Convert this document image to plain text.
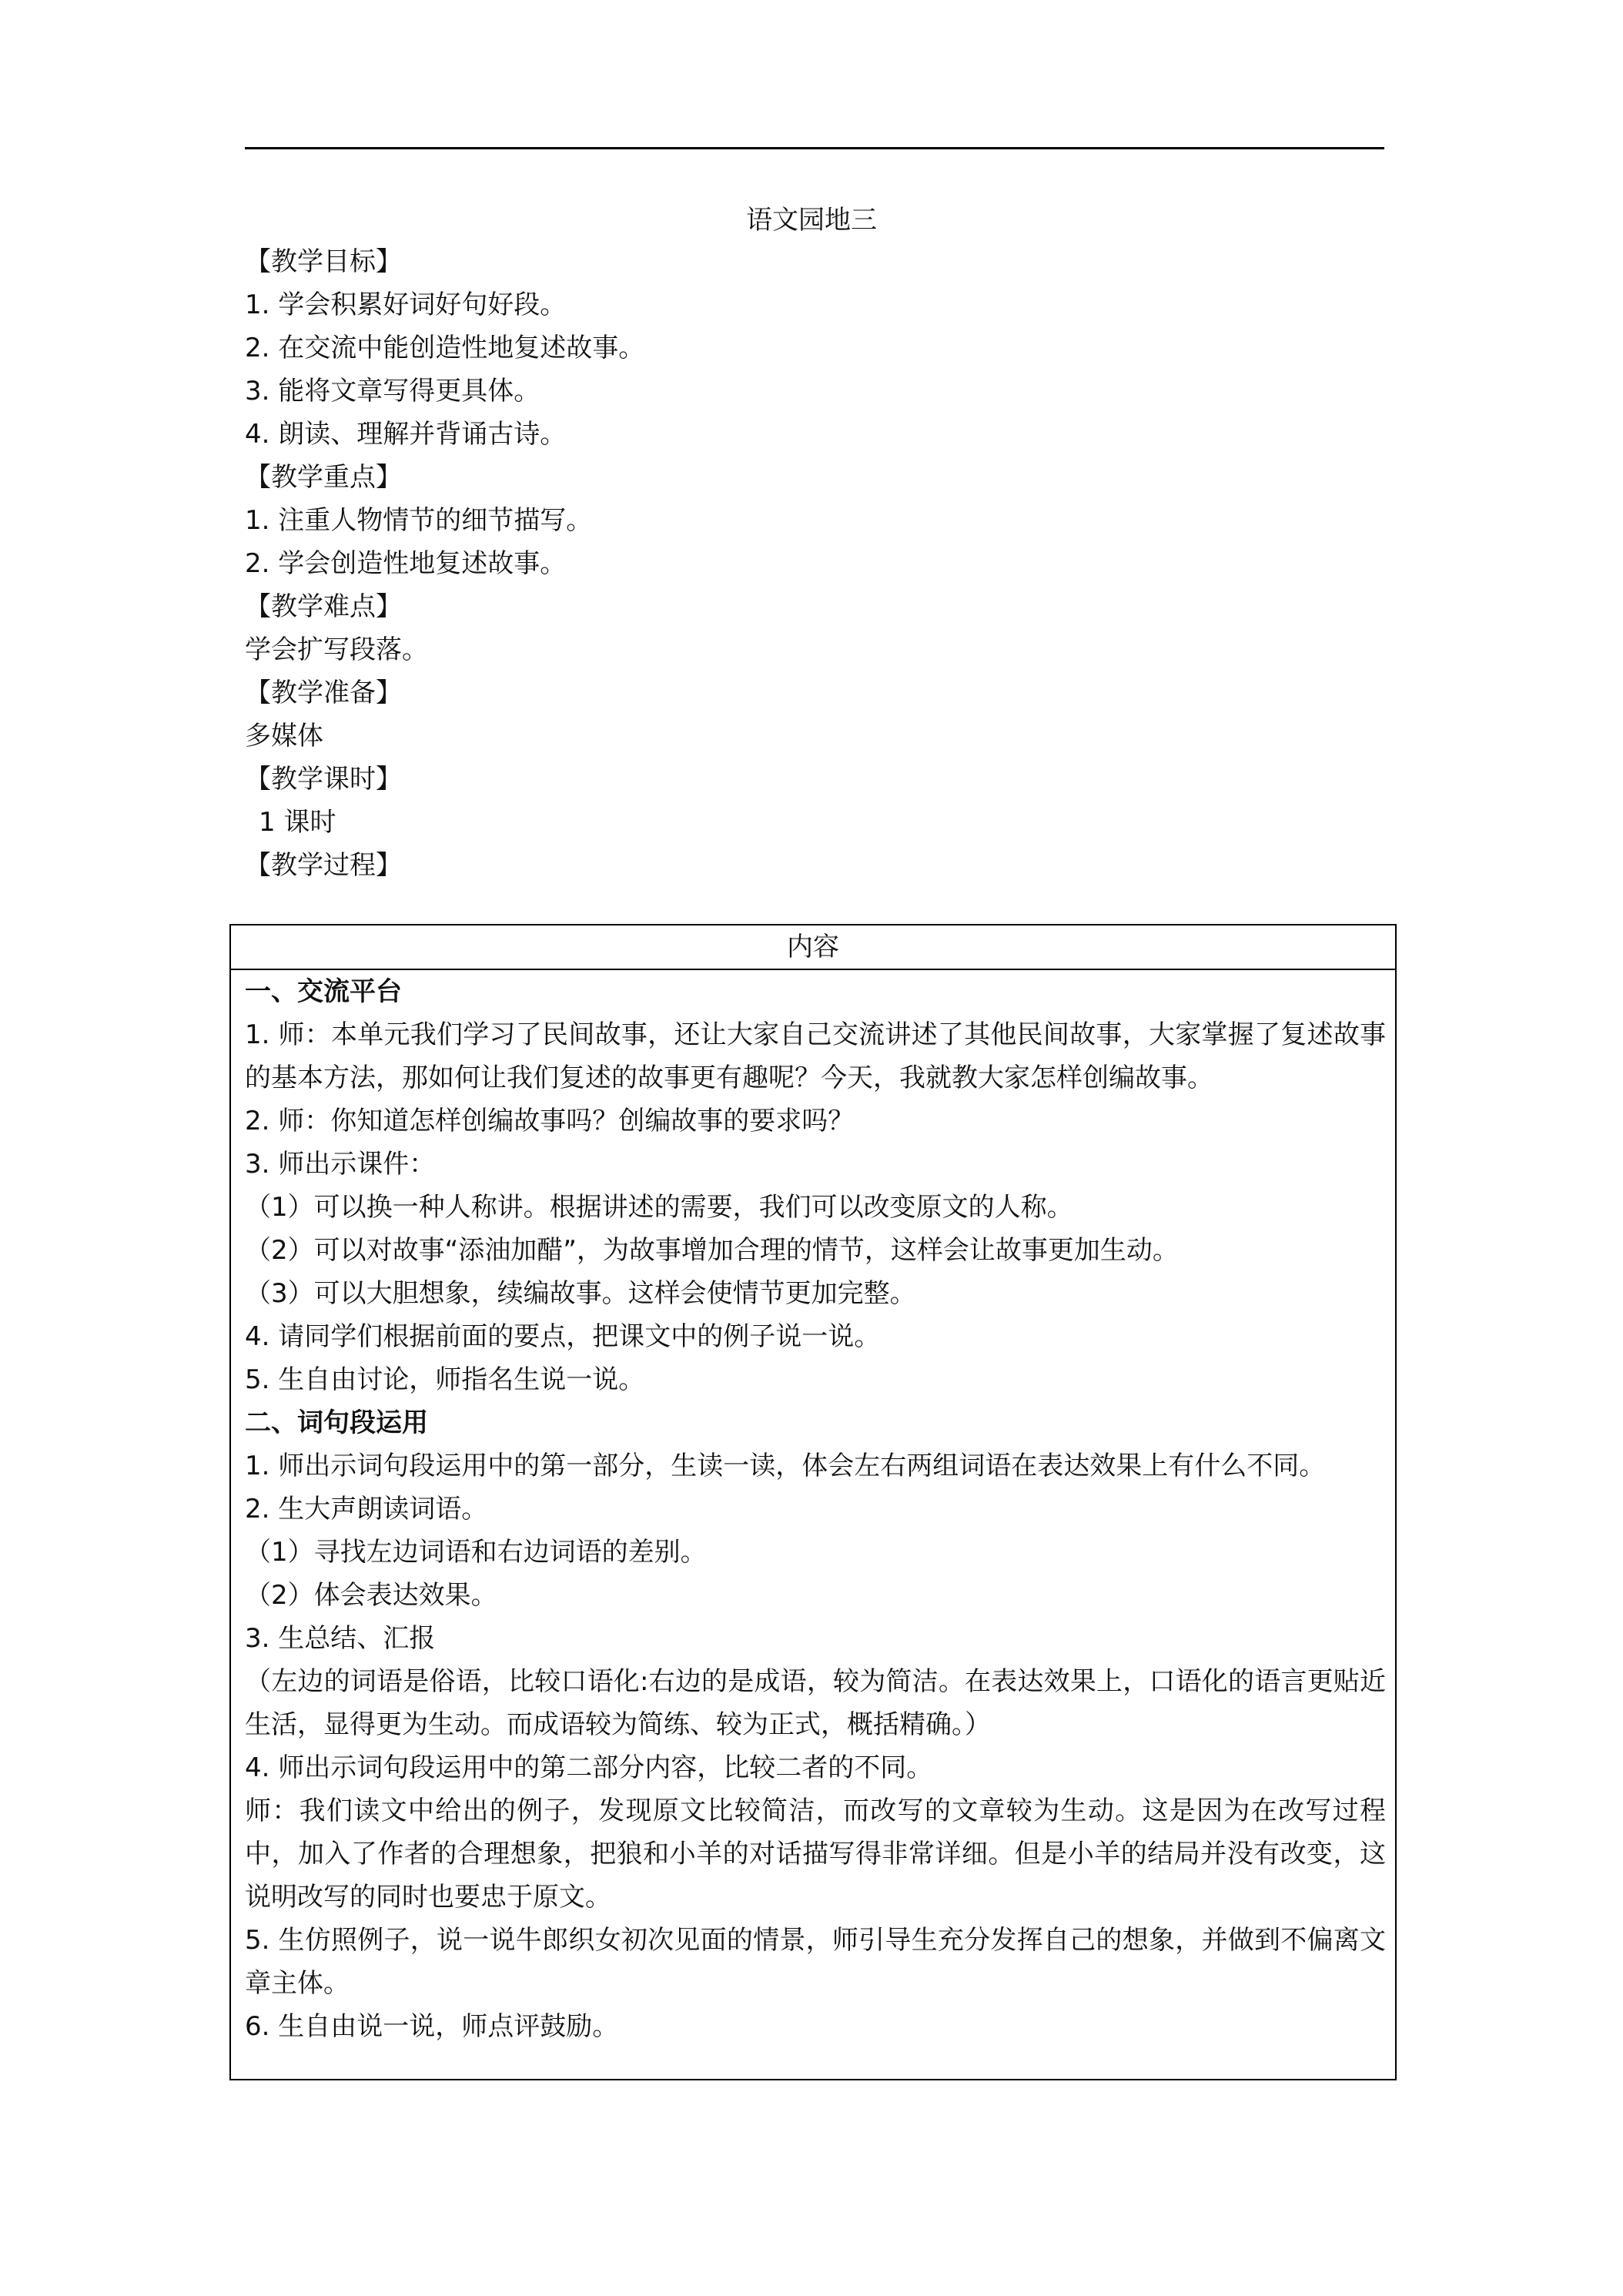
语文园地三
【教学目标】
1. 学会积累好词好句好段。
2. 在交流中能创造性地复述故事。
3. 能将文章写得更具体。
4. 朗读、理解并背诵古诗。
【教学重点】
1. 注重人物情节的细节描写。
2. 学会创造性地复述故事。
【教学难点】
学会扩写段落。
【教学准备】
多媒体
【教学课时】
1 课时
【教学过程】
内容
一、交流平台
1. 师：本单元我们学习了民间故事，还让大家自己交流讲述了其他民间故事，大家掌握了复述故事的基本方法，那如何让我们复述的故事更有趣呢？今天，我就教大家怎样创编故事。
2. 师：你知道怎样创编故事吗？创编故事的要求吗？
3. 师出示课件：
（1）可以换一种人称讲。根据讲述的需要，我们可以改变原文的人称。
（2）可以对故事“添油加醋”，为故事增加合理的情节，这样会让故事更加生动。
（3）可以大胆想象，续编故事。这样会使情节更加完整。
4. 请同学们根据前面的要点，把课文中的例子说一说。
5. 生自由讨论，师指名生说一说。
二、词句段运用
1. 师出示词句段运用中的第一部分，生读一读，体会左右两组词语在表达效果上有什么不同。
2. 生大声朗读词语。
（1）寻找左边词语和右边词语的差别。
（2）体会表达效果。
3. 生总结、汇报
（左边的词语是俗语，比较口语化:右边的是成语，较为简洁。在表达效果上，口语化的语言更贴近生活，显得更为生动。而成语较为简练、较为正式，概括精确。）
4. 师出示词句段运用中的第二部分内容，比较二者的不同。
师：我们读文中给出的例子，发现原文比较简洁，而改写的文章较为生动。这是因为在改写过程中，加入了作者的合理想象，把狼和小羊的对话描写得非常详细。但是小羊的结局并没有改变，这说明改写的同时也要忠于原文。
5. 生仿照例子，说一说牛郎织女初次见面的情景，师引导生充分发挥自己的想象，并做到不偏离文章主体。
6. 生自由说一说，师点评鼓励。
